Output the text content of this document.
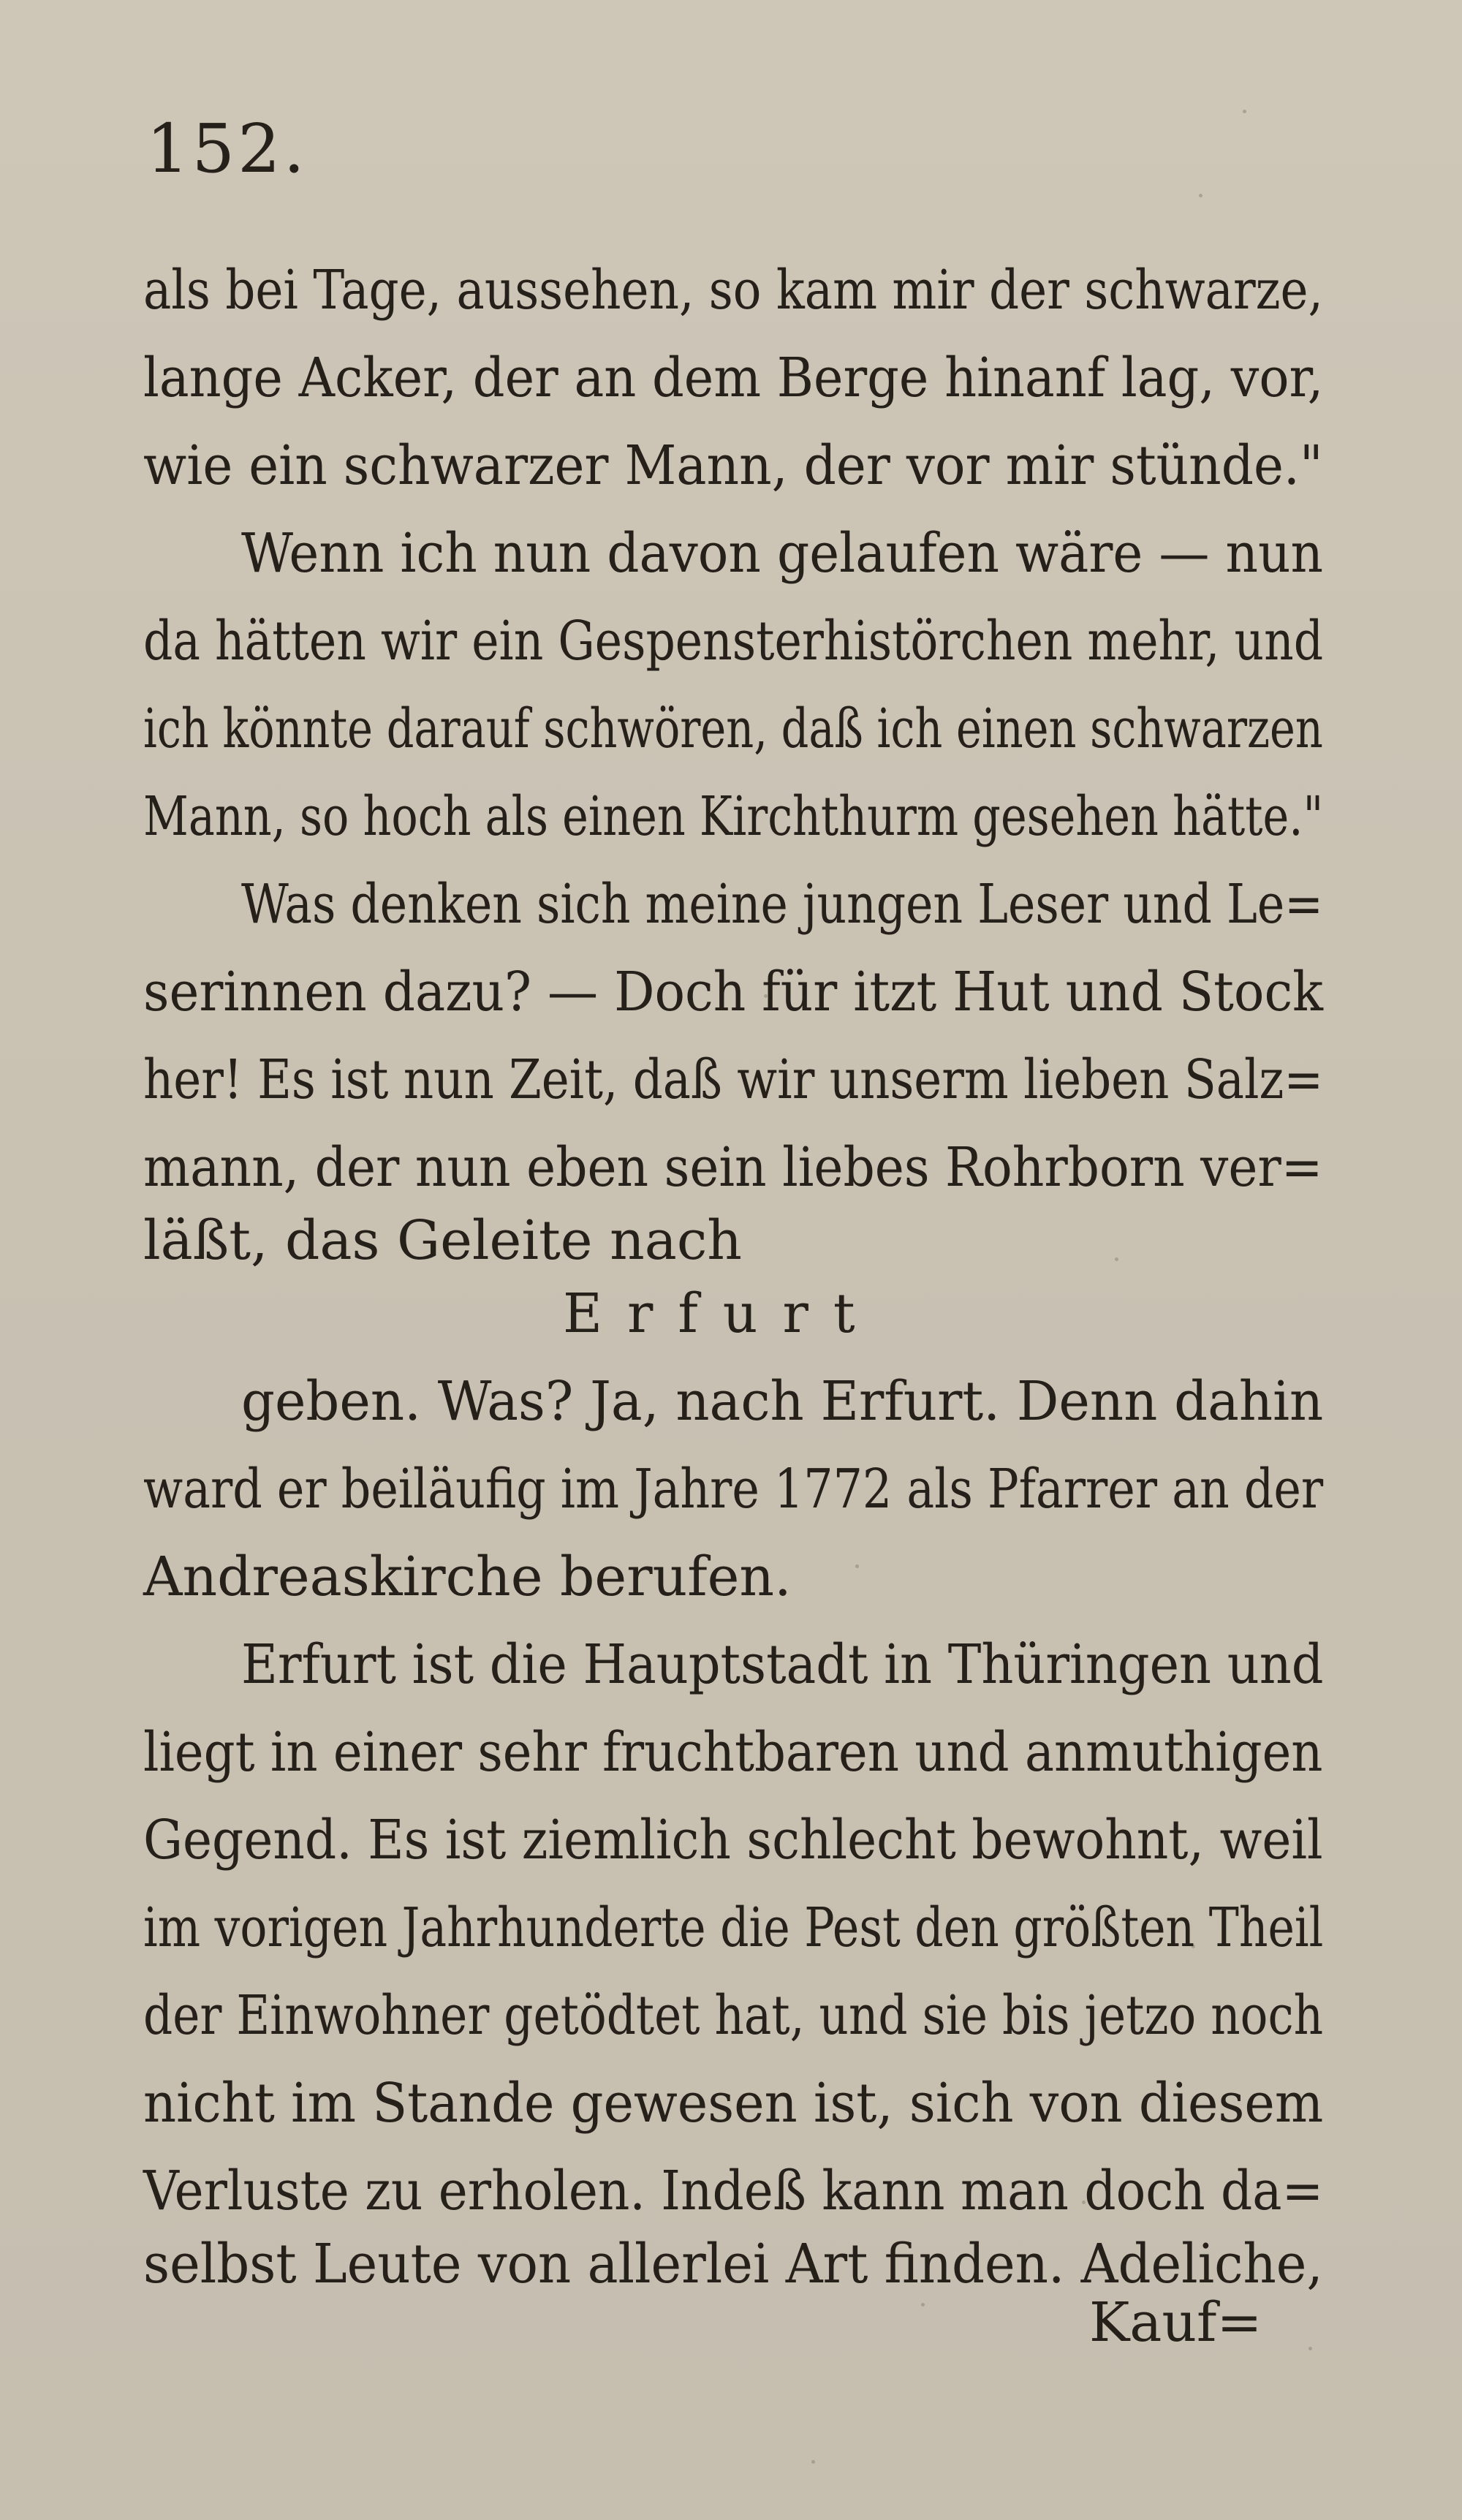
152.
als bei Tage, aussehen, so kam mir der schwarze,
lange Acker, der an dem Berge hinanf lag, vor,
wie ein schwarzer Mann, der vor mir stünde."
Wenn ich nun davon gelaufen wäre — nun
da hätten wir ein Gespensterhistörchen mehr, und
ich könnte darauf schwören, daß ich einen schwarzen
Mann, so hoch als einen Kirchthurm gesehen hätte."
Was denken sich meine jungen Leser und Le=
serinnen dazu? — Doch für itzt Hut und Stock
her! Es ist nun Zeit, daß wir unserm lieben Salz=
mann, der nun eben sein liebes Rohrborn ver=
läßt, das Geleite nach
Erfurt
geben. Was? Ja, nach Erfurt. Denn dahin
ward er beiläufig im Jahre 1772 als Pfarrer an der
Andreaskirche berufen.
Erfurt ist die Hauptstadt in Thüringen und
liegt in einer sehr fruchtbaren und anmuthigen
Gegend. Es ist ziemlich schlecht bewohnt, weil
im vorigen Jahrhunderte die Pest den größten Theil
der Einwohner getödtet hat, und sie bis jetzo noch
nicht im Stande gewesen ist, sich von diesem
Verluste zu erholen. Indeß kann man doch da=
selbst Leute von allerlei Art finden. Adeliche,
Kauf=
